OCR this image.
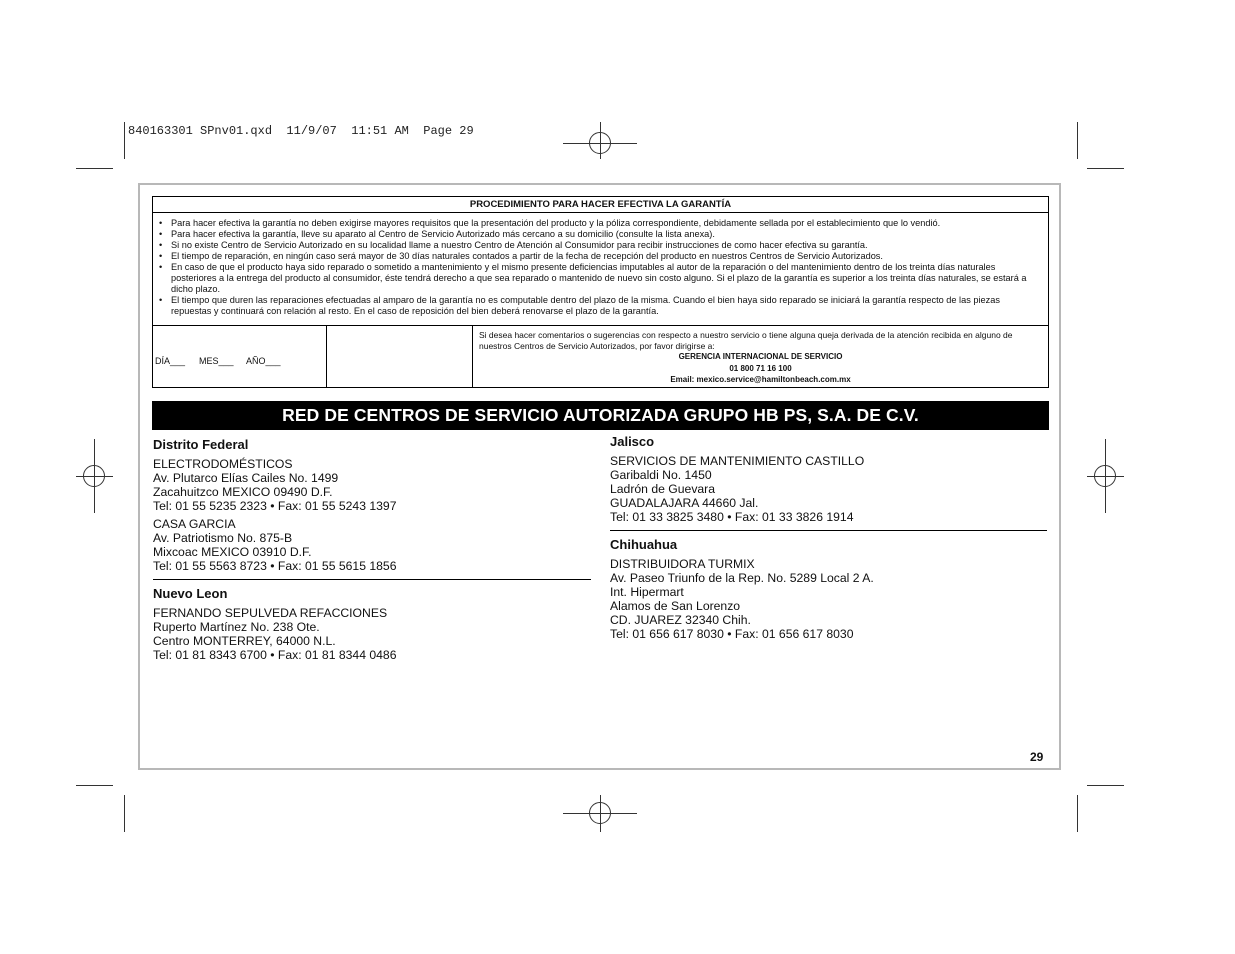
840163301 SPnv01.qxd  11/9/07  11:51 AM  Page 29
PROCEDIMIENTO PARA HACER EFECTIVA LA GARANTÍA
• Para hacer efectiva la garantía no deben exigirse mayores requisitos que la presentación del producto y la póliza correspondiente, debidamente sellada por el establecimiento que lo vendió.
• Para hacer efectiva la garantía, lleve su aparato al Centro de Servicio Autorizado más cercano a su domicilio (consulte la lista anexa).
• Si no existe Centro de Servicio Autorizado en su localidad llame a nuestro Centro de Atención al Consumidor para recibir instrucciones de como hacer efectiva su garantía.
• El tiempo de reparación, en ningún caso será mayor de 30 días naturales contados a partir de la fecha de recepción del producto en nuestros Centros de Servicio Autorizados.
• En caso de que el producto haya sido reparado o sometido a mantenimiento y el mismo presente deficiencias imputables al autor de la reparación o del mantenimiento dentro de los treinta días naturales posteriores a la entrega del producto al consumidor, éste tendrá derecho a que sea reparado o mantenido de nuevo sin costo alguno. Si el plazo de la garantía es superior a los treinta días naturales, se estará a dicho plazo.
• El tiempo que duren las reparaciones efectuadas al amparo de la garantía no es computable dentro del plazo de la misma. Cuando el bien haya sido reparado se iniciará la garantía respecto de las piezas repuestas y continuará con relación al resto. En el caso de reposición del bien deberá renovarse el plazo de la garantía.
DÍA___ MES___ AÑO___
Si desea hacer comentarios o sugerencias con respecto a nuestro servicio o tiene alguna queja derivada de la atención recibida en alguno de nuestros Centros de Servicio Autorizados, por favor dirigirse a:
GERENCIA INTERNACIONAL DE SERVICIO
01 800 71 16 100
Email: mexico.service@hamiltonbeach.com.mx
RED DE CENTROS DE SERVICIO AUTORIZADA GRUPO HB PS, S.A. DE C.V.
Distrito Federal

ELECTRODOMÉSTICOS
Av. Plutarco Elías Cailes No. 1499
Zacahuitzco MEXICO 09490 D.F.
Tel: 01 55 5235 2323 • Fax: 01 55 5243 1397

CASA GARCIA
Av. Patriotismo No. 875-B
Mixcoac MEXICO 03910 D.F.
Tel: 01 55 5563 8723 • Fax: 01 55 5615 1856

Nuevo Leon

FERNANDO SEPULVEDA REFACCIONES
Ruperto Martínez No. 238 Ote.
Centro MONTERREY, 64000 N.L.
Tel: 01 81 8343 6700 • Fax: 01 81 8344 0486

Jalisco

SERVICIOS DE MANTENIMIENTO CASTILLO
Garibaldi No. 1450
Ladrón de Guevara
GUADALAJARA 44660 Jal.
Tel: 01 33 3825 3480 • Fax: 01 33 3826 1914

Chihuahua

DISTRIBUIDORA TURMIX
Av. Paseo Triunfo de la Rep. No. 5289 Local 2 A.
Int. Hipermart
Alamos de San Lorenzo
CD. JUAREZ 32340 Chih.
Tel: 01 656 617 8030 • Fax: 01 656 617 8030

29
